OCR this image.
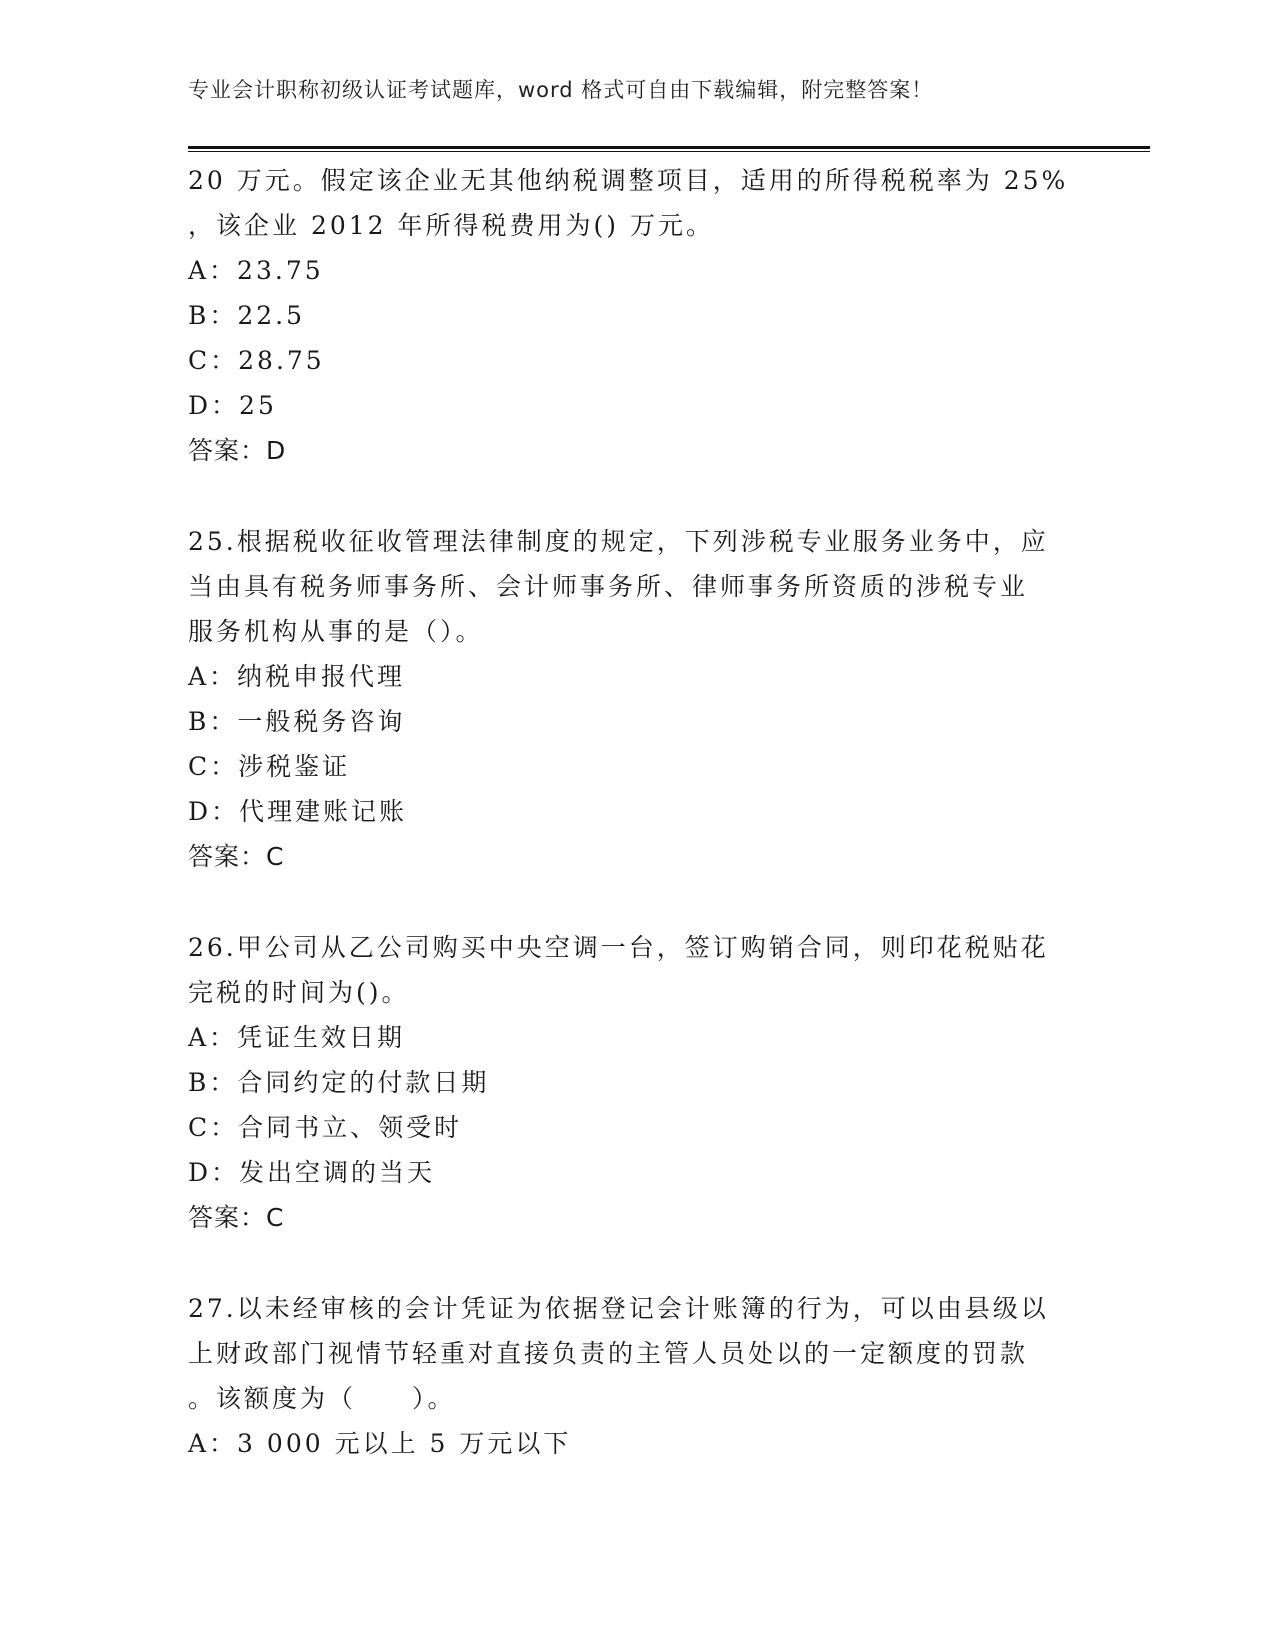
专业会计职称初级认证考试题库，word 格式可自由下载编辑，附完整答案！
20 万元。假定该企业无其他纳税调整项目，适用的所得税税率为 25%
，该企业 2012 年所得税费用为() 万元。
A：23.75
B：22.5
C：28.75
D：25
答案：D
25.根据税收征收管理法律制度的规定，下列涉税专业服务业务中，应
当由具有税务师事务所、会计师事务所、律师事务所资质的涉税专业
服务机构从事的是（）。
A：纳税申报代理
B：一般税务咨询
C：涉税鉴证
D：代理建账记账
答案：C
26.甲公司从乙公司购买中央空调一台，签订购销合同，则印花税贴花
完税的时间为()。
A：凭证生效日期
B：合同约定的付款日期
C：合同书立、领受时
D：发出空调的当天
答案：C
27.以未经审核的会计凭证为依据登记会计账簿的行为，可以由县级以
上财政部门视情节轻重对直接负责的主管人员处以的一定额度的罚款
。该额度为（　　）。
A：3 000 元以上 5 万元以下
